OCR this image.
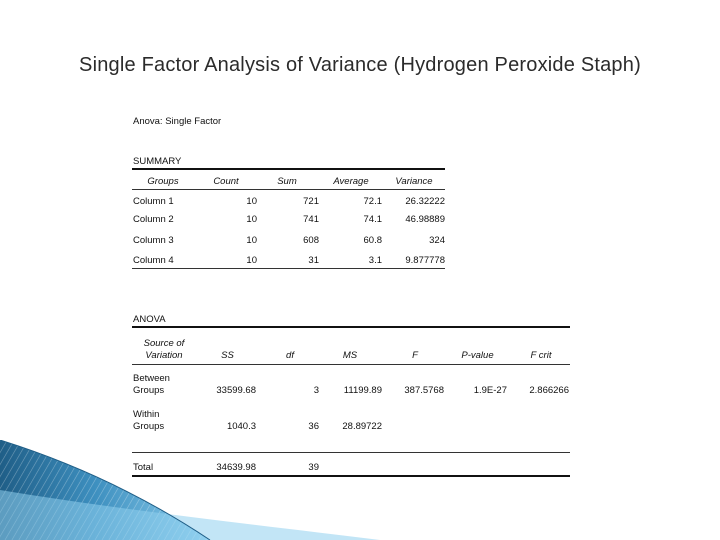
Single Factor Analysis of Variance (Hydrogen Peroxide Staph)
Anova: Single Factor
SUMMARY
Groups	Count	Sum	Average	Variance
Column 1	10	721	72.1	26.32222
Column 2	10	741	74.1	46.98889
Column 3	10	608	60.8	324
Column 4	10	31	3.1	9.877778
ANOVA
Source of Variation	SS	df	MS	F	P-value	F crit
Between Groups	33599.68	3	11199.89	387.5768	1.9E-27	2.866266
Within Groups	1040.3	36	28.89722
Total	34639.98	39
